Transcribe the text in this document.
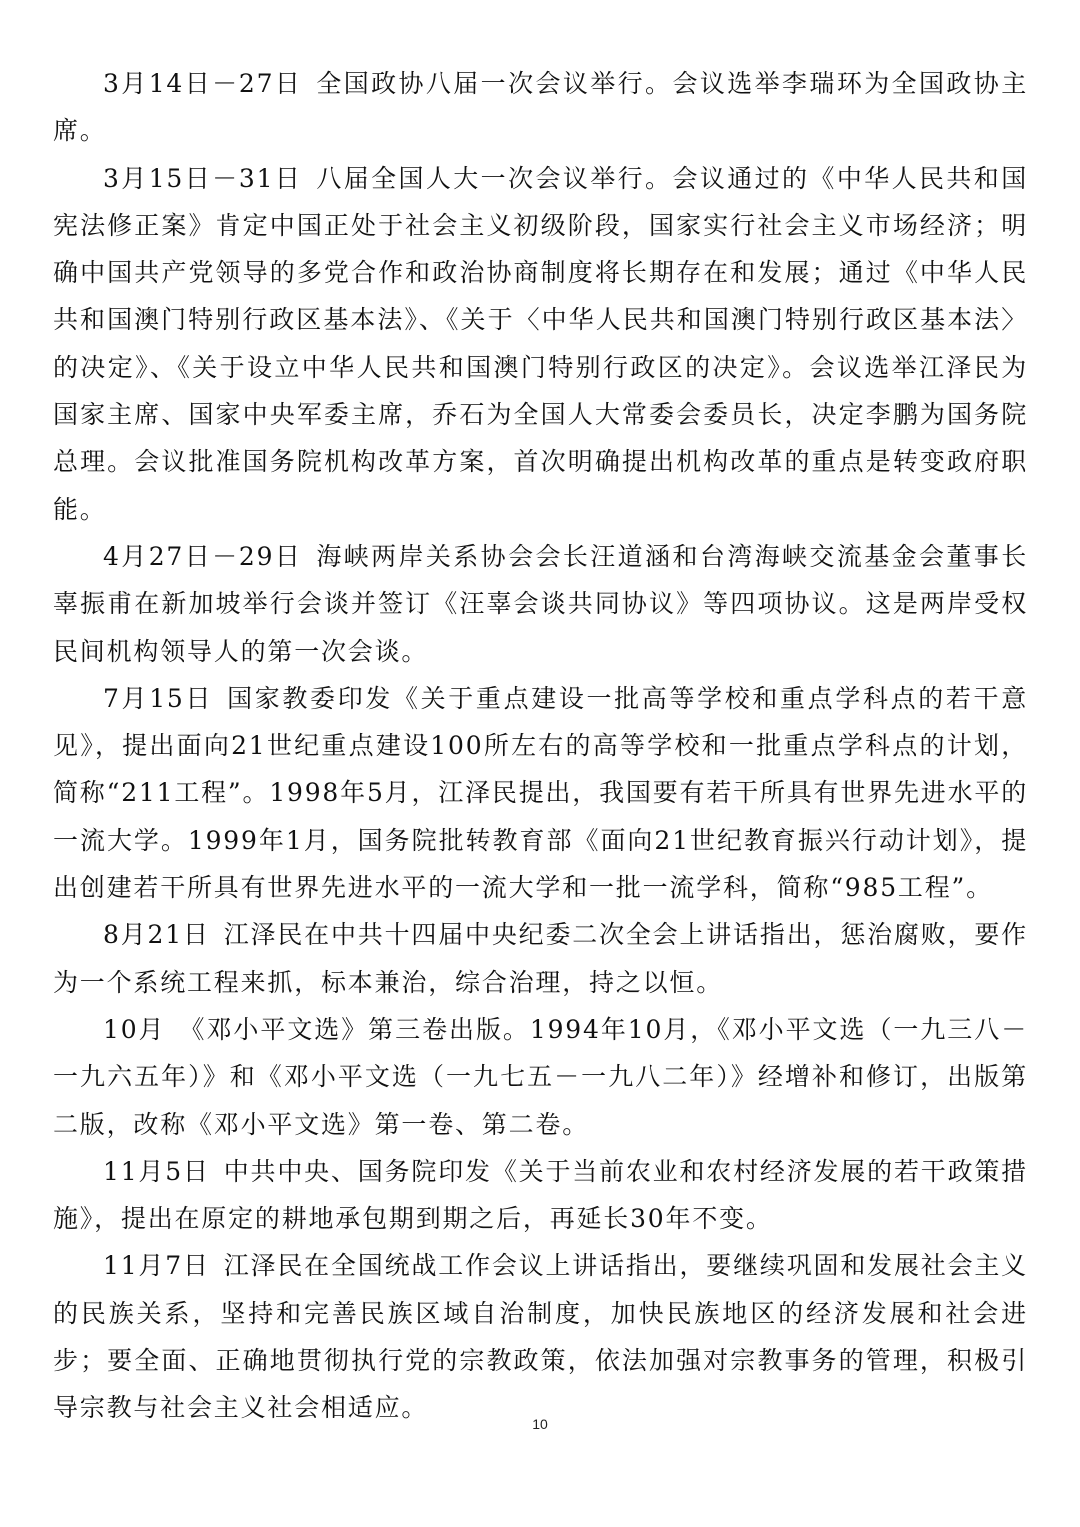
3月14日－27日 全国政协八届一次会议举行。会议选举李瑞环为全国政协主席。

3月15日－31日 八届全国人大一次会议举行。会议通过的《中华人民共和国宪法修正案》肯定中国正处于社会主义初级阶段，国家实行社会主义市场经济；明确中国共产党领导的多党合作和政治协商制度将长期存在和发展；通过《中华人民共和国澳门特别行政区基本法》、《关于〈中华人民共和国澳门特别行政区基本法〉的决定》、《关于设立中华人民共和国澳门特别行政区的决定》。会议选举江泽民为国家主席、国家中央军委主席，乔石为全国人大常委会委员长，决定李鹏为国务院总理。会议批准国务院机构改革方案，首次明确提出机构改革的重点是转变政府职能。

4月27日－29日 海峡两岸关系协会会长汪道涵和台湾海峡交流基金会董事长辜振甫在新加坡举行会谈并签订《汪辜会谈共同协议》等四项协议。这是两岸受权民间机构领导人的第一次会谈。

7月15日 国家教委印发《关于重点建设一批高等学校和重点学科点的若干意见》，提出面向21世纪重点建设100所左右的高等学校和一批重点学科点的计划，简称“211工程”。1998年5月，江泽民提出，我国要有若干所具有世界先进水平的一流大学。1999年1月，国务院批转教育部《面向21世纪教育振兴行动计划》，提出创建若干所具有世界先进水平的一流大学和一批一流学科，简称“985工程”。

8月21日 江泽民在中共十四届中央纪委二次全会上讲话指出，惩治腐败，要作为一个系统工程来抓，标本兼治，综合治理，持之以恒。

10月 《邓小平文选》第三卷出版。1994年10月，《邓小平文选（一九三八－一九六五年）》和《邓小平文选（一九七五－一九八二年）》经增补和修订，出版第二版，改称《邓小平文选》第一卷、第二卷。

11月5日 中共中央、国务院印发《关于当前农业和农村经济发展的若干政策措施》，提出在原定的耕地承包期到期之后，再延长30年不变。

11月7日 江泽民在全国统战工作会议上讲话指出，要继续巩固和发展社会主义的民族关系，坚持和完善民族区域自治制度，加快民族地区的经济发展和社会进步；要全面、正确地贯彻执行党的宗教政策，依法加强对宗教事务的管理，积极引导宗教与社会主义社会相适应。

10
